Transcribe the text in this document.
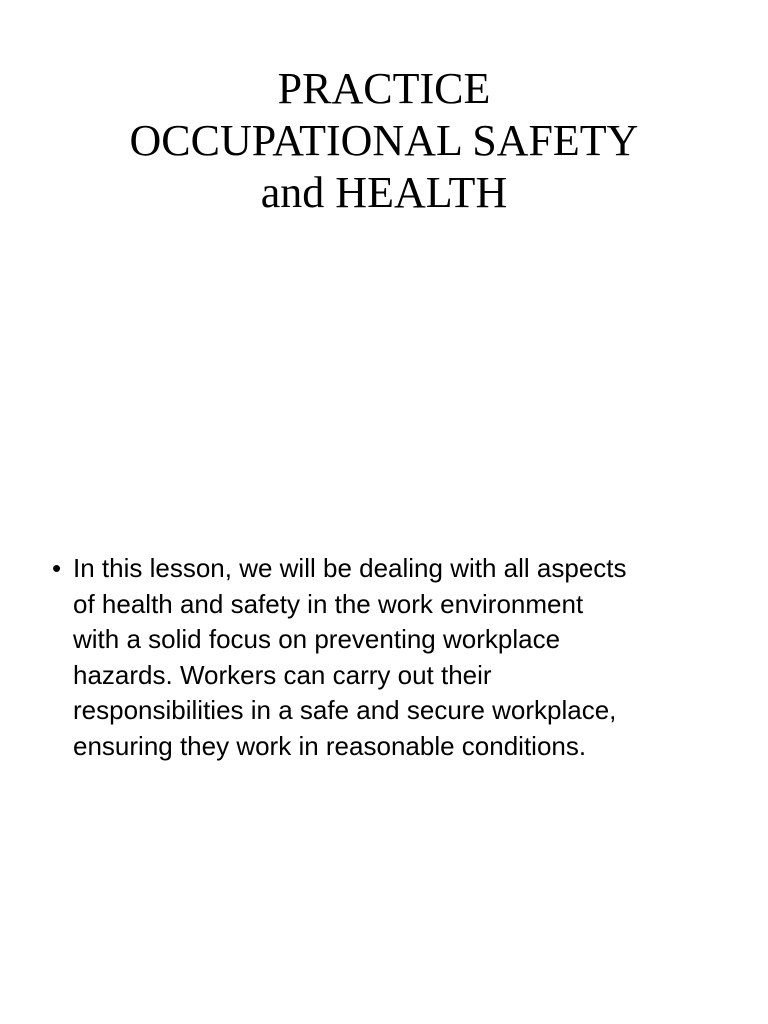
PRACTICE
OCCUPATIONAL SAFETY
and HEALTH
• In this lesson, we will be dealing with all aspects
of health and safety in the work environment
with a solid focus on preventing workplace
hazards. Workers can carry out their
responsibilities in a safe and secure workplace,
ensuring they work in reasonable conditions.
